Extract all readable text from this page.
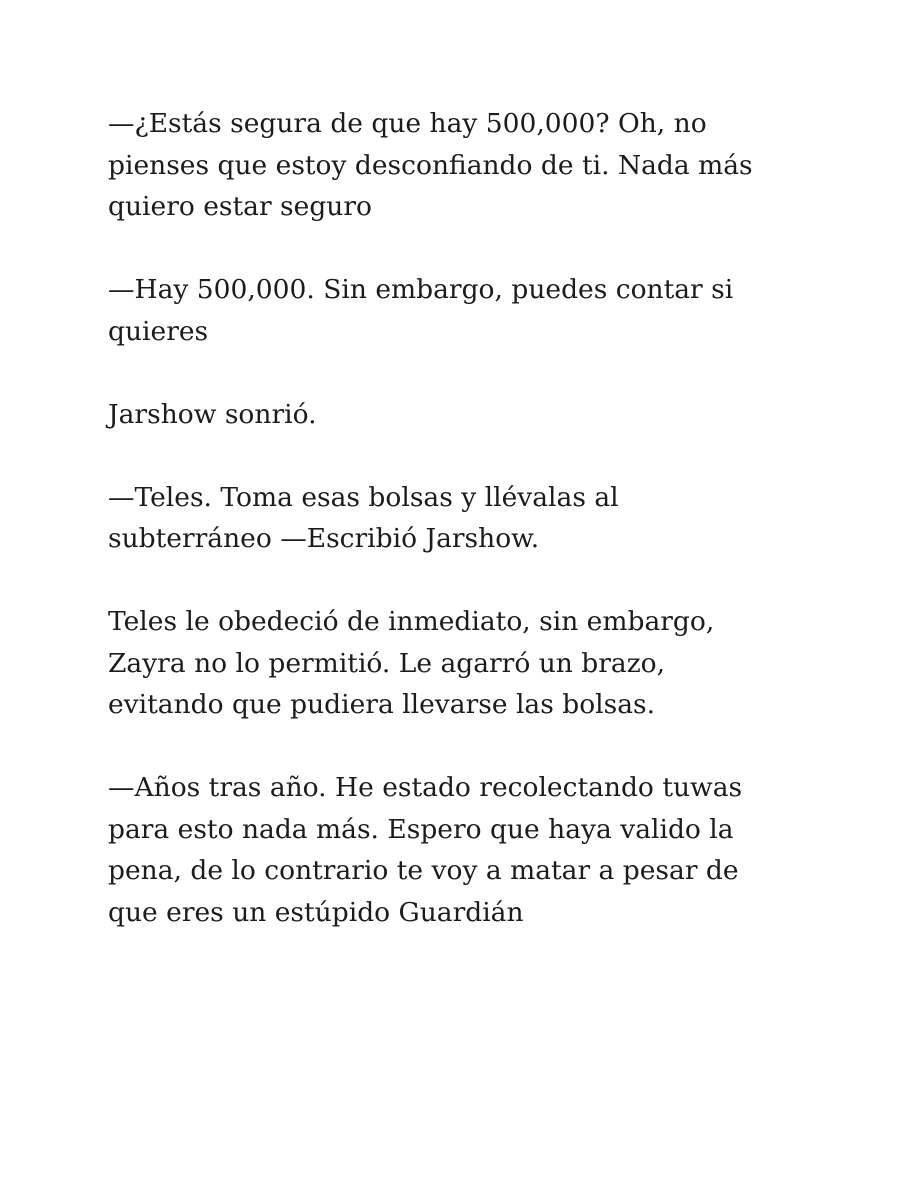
—¿Estás segura de que hay 500,000? Oh, no
pienses que estoy desconfiando de ti. Nada más
quiero estar seguro

—Hay 500,000. Sin embargo, puedes contar si
quieres

Jarshow sonrió.

—Teles. Toma esas bolsas y llévalas al
subterráneo —Escribió Jarshow.

Teles le obedeció de inmediato, sin embargo,
Zayra no lo permitió. Le agarró un brazo,
evitando que pudiera llevarse las bolsas.

—Años tras año. He estado recolectando tuwas
para esto nada más. Espero que haya valido la
pena, de lo contrario te voy a matar a pesar de
que eres un estúpido Guardián
